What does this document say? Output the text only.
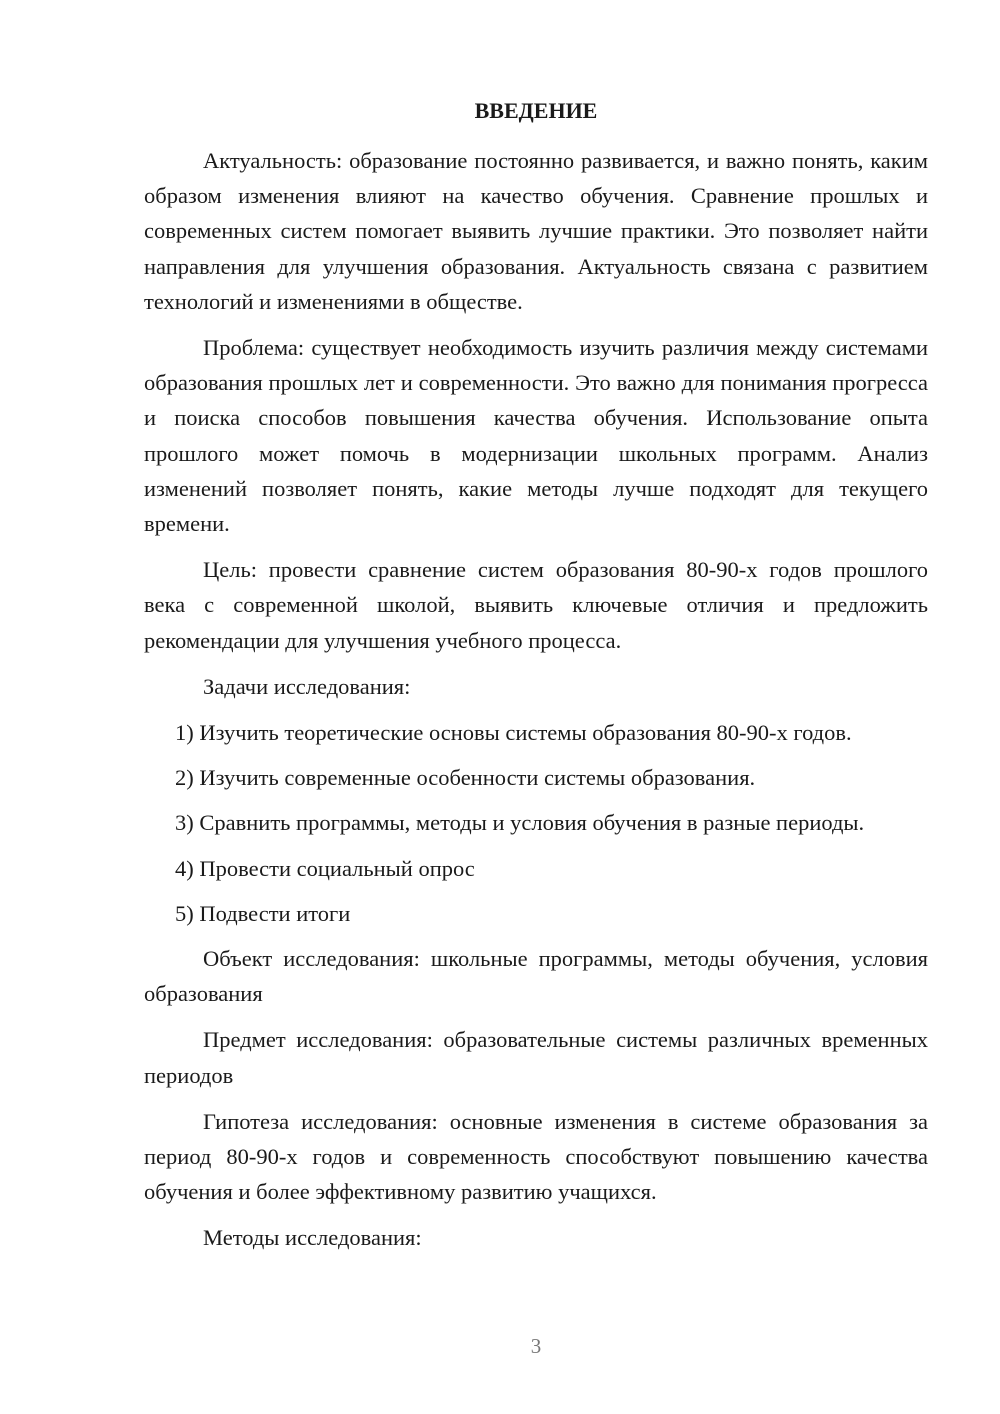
ВВЕДЕНИЕ

Актуальность: образование постоянно развивается, и важно понять, каким образом изменения влияют на качество обучения. Сравнение прошлых и современных систем помогает выявить лучшие практики. Это позволяет найти направления для улучшения образования. Актуальность связана с развитием технологий и изменениями в обществе.

Проблема: существует необходимость изучить различия между системами образования прошлых лет и современности. Это важно для понимания прогресса и поиска способов повышения качества обучения. Использование опыта прошлого может помочь в модернизации школьных программ. Анализ изменений позволяет понять, какие методы лучше подходят для текущего времени.

Цель: провести сравнение систем образования 80-90-х годов прошлого века с современной школой, выявить ключевые отличия и предложить рекомендации для улучшения учебного процесса.

Задачи исследования:

1) Изучить теоретические основы системы образования 80-90-х годов.

2) Изучить современные особенности системы образования.

3) Сравнить программы, методы и условия обучения в разные периоды.

4) Провести социальный опрос

5) Подвести итоги

Объект исследования: школьные программы, методы обучения, условия образования

Предмет исследования: образовательные системы различных временных периодов

Гипотеза исследования: основные изменения в системе образования за период 80-90-х годов и современность способствуют повышению качества обучения и более эффективному развитию учащихся.

Методы исследования:

3
